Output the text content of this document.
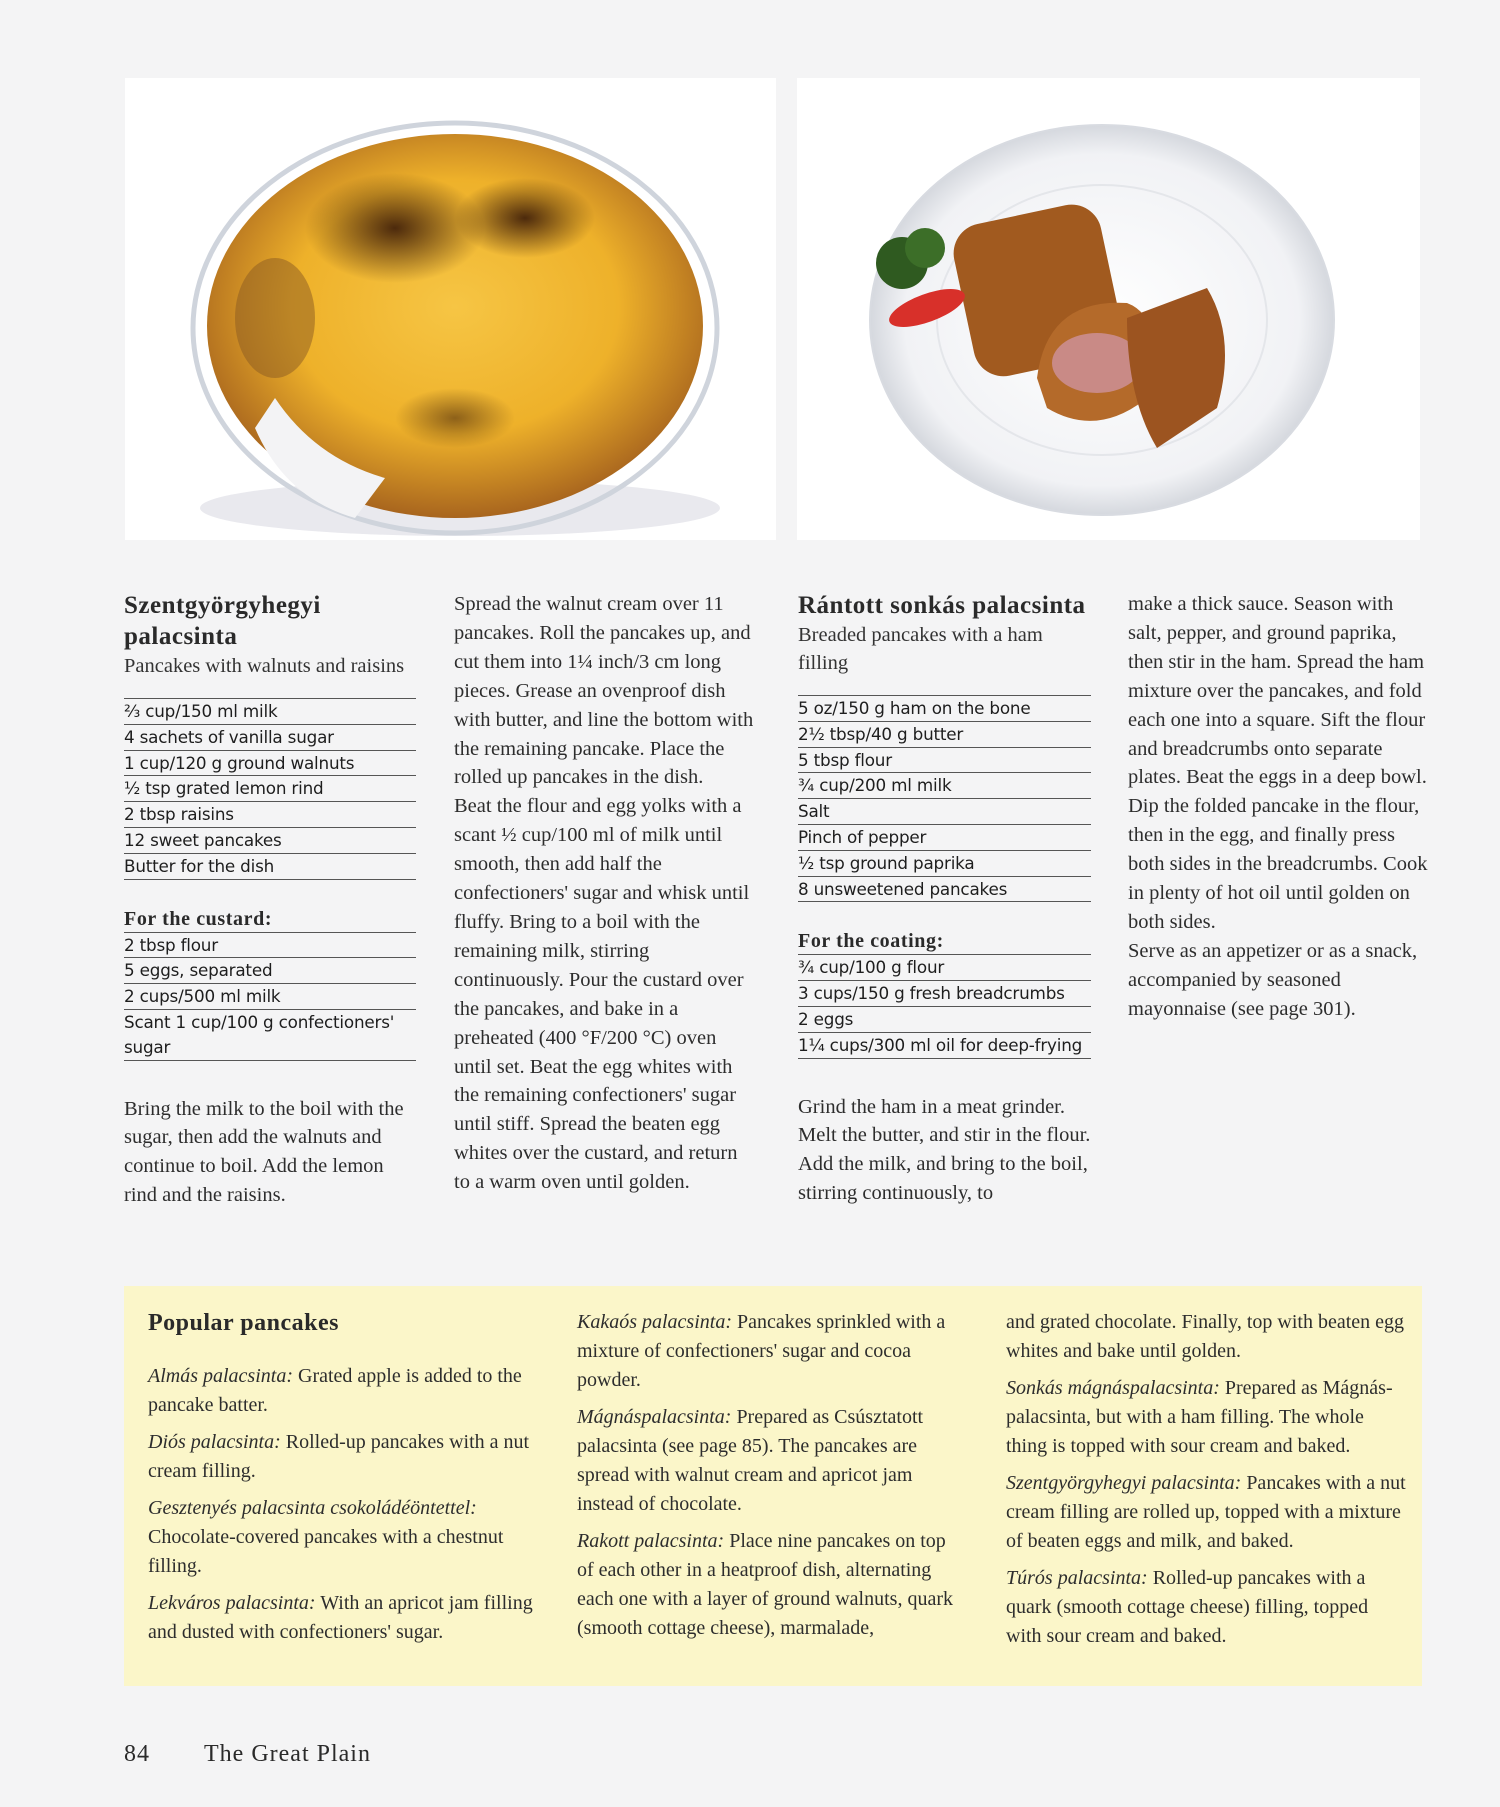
Szentgyörgyhegyi palacsinta

Pancakes with walnuts and raisins

⅔ cup/150 ml milk
4 sachets of vanilla sugar
1 cup/120 g ground walnuts
½ tsp grated lemon rind
2 tbsp raisins
12 sweet pancakes
Butter for the dish

For the custard:

2 tbsp flour
5 eggs, separated
2 cups/500 ml milk
Scant 1 cup/100 g confectioners' sugar

Bring the milk to the boil with the sugar, then add the walnuts and continue to boil. Add the lemon rind and the raisins.

Spread the walnut cream over 11 pancakes. Roll the pancakes up, and cut them into 1¼ inch/3 cm long pieces. Grease an ovenproof dish with butter, and line the bottom with the remaining pancake. Place the rolled up pancakes in the dish.

Beat the flour and egg yolks with a scant ½ cup/100 ml of milk until smooth, then add half the confectioners' sugar and whisk until fluffy. Bring to a boil with the remaining milk, stirring continuously. Pour the custard over the pancakes, and bake in a preheated (400 °F/200 °C) oven until set. Beat the egg whites with the remaining confectioners' sugar until stiff. Spread the beaten egg whites over the custard, and return to a warm oven until golden.

Rántott sonkás palacsinta

Breaded pancakes with a ham filling

5 oz/150 g ham on the bone
2½ tbsp/40 g butter
5 tbsp flour
¾ cup/200 ml milk
Salt
Pinch of pepper
½ tsp ground paprika
8 unsweetened pancakes

For the coating:

¾ cup/100 g flour
3 cups/150 g fresh breadcrumbs
2 eggs
1¼ cups/300 ml oil for deep-frying

Grind the ham in a meat grinder. Melt the butter, and stir in the flour. Add the milk, and bring to the boil, stirring continuously, to

make a thick sauce. Season with salt, pepper, and ground paprika, then stir in the ham. Spread the ham mixture over the pancakes, and fold each one into a square. Sift the flour and breadcrumbs onto separate plates. Beat the eggs in a deep bowl. Dip the folded pancake in the flour, then in the egg, and finally press both sides in the breadcrumbs. Cook in plenty of hot oil until golden on both sides.

Serve as an appetizer or as a snack, accompanied by seasoned mayonnaise (see page 301).

Popular pancakes

Almás palacsinta: Grated apple is added to the pancake batter.

Diós palacsinta: Rolled-up pancakes with a nut cream filling.

Gesztenyés palacsinta csokoládéöntettel: Chocolate-covered pancakes with a chestnut filling.

Lekváros palacsinta: With an apricot jam filling and dusted with confectioners' sugar.

Kakaós palacsinta: Pancakes sprinkled with a mixture of confectioners' sugar and cocoa powder.

Mágnáspalacsinta: Prepared as Csúsztatott palacsinta (see page 85). The pancakes are spread with walnut cream and apricot jam instead of chocolate.

Rakott palacsinta: Place nine pancakes on top of each other in a heatproof dish, alternating each one with a layer of ground walnuts, quark (smooth cottage cheese), marmalade,

and grated chocolate. Finally, top with beaten egg whites and bake until golden.

Sonkás mágnáspalacsinta: Prepared as Mágnás-palacsinta, but with a ham filling. The whole thing is topped with sour cream and baked.

Szentgyörgyhegyi palacsinta: Pancakes with a nut cream filling are rolled up, topped with a mixture of beaten eggs and milk, and baked.

Túrós palacsinta: Rolled-up pancakes with a quark (smooth cottage cheese) filling, topped with sour cream and baked.

84 The Great Plain
